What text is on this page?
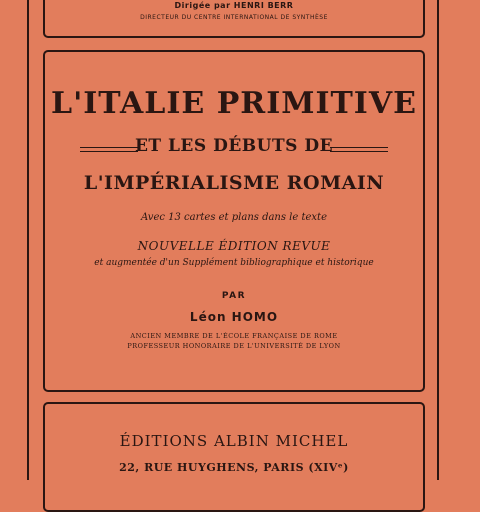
Dirigée par HENRI BERR
DIRECTEUR DU CENTRE INTERNATIONAL DE SYNTHÈSE
L'ITALIE PRIMITIVE
ET LES DÉBUTS DE
L'IMPÉRIALISME ROMAIN
Avec 13 cartes et plans dans le texte
NOUVELLE ÉDITION REVUE
et augmentée d'un Supplément bibliographique et historique
PAR
Léon HOMO
ANCIEN MEMBRE DE L'ÉCOLE FRANÇAISE DE ROME
PROFESSEUR HONORAIRE DE L'UNIVERSITÉ DE LYON
ÉDITIONS ALBIN MICHEL
22, RUE HUYGHENS, PARIS (XIVᵉ)
